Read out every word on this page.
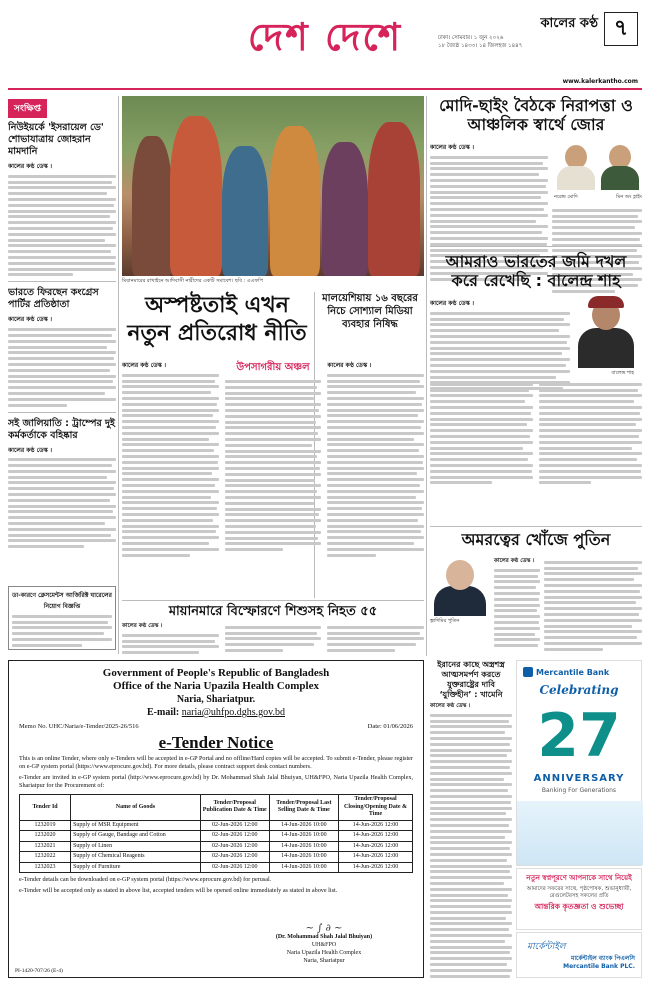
দেশ দেশে	কালের কণ্ঠ ৭
ঢাকা। সোমবার। ১ জুন ২০২৬
১৮ জ্যৈষ্ঠ ১৪৩৩। ১৪ জিলহজ ১৪৪৭
www.kalerkantho.com
সংক্ষিপ্ত
নিউইয়র্কে 'ইসরায়েল ডে' শোভাযাত্রায় জোহরান মামদানি
কালের কণ্ঠ ডেস্ক ।
ভারতে ফিরছেন কংগ্রেস পার্টির প্রতিষ্ঠাতা
কালের কণ্ঠ ডেস্ক ।
সই জালিয়াতি : ট্রাম্পের দুই কর্মকর্তাকে বহিষ্কার
কালের কণ্ঠ ডেস্ক ।
মিয়ানমারের রাখাইনে আদিবাসী নারীদের একটি সমাবেশ। ছবি : এএফপি
মোদি-ছাইং বৈঠকে নিরাপত্তা ও আঞ্চলিক স্বার্থে জোর
কালের কণ্ঠ ডেস্ক ।
নরেন্দ্র মোদি	মিন অং হ্লাইং
আমরাও ভারতের জমি দখল করে রেখেছি : বালেন্দ্র শাহ
বালেন্দ্র শাহ
কালের কণ্ঠ ডেস্ক ।
অমরত্বের খোঁজে পুতিন
ভ্লাদিমির পুতিন
কালের কণ্ঠ ডেস্ক ।
অস্পষ্টতাই এখন নতুন প্রতিরোধ নীতি
মালয়েশিয়ায় ১৬ বছরের নিচে সোশ্যাল মিডিয়া ব্যবহার নিষিদ্ধ
কালের কণ্ঠ ডেস্ক ।	উপসাগরীয় অঞ্চল	কালের কণ্ঠ ডেস্ক ।
মায়ানমারে বিস্ফোরণে শিশুসহ নিহত ৫৫
কালের কণ্ঠ ডেস্ক ।
ডা-কারণে ক্লেসমেন্টস আর্জিরিক্ট ঘারেলের নিয়োগ বিজ্ঞপ্তি
Government of People's Republic of Bangladesh
Office of the Naria Upazila Health Complex
Naria, Shariatpur.
E-mail: naria@uhfpo.dghs.gov.bd
Memo No. UHC/Naria/e-Tender/2025-26/516	Date: 01/06/2026
e-Tender Notice

This is an online Tender, where only e-Tenders will be accepted in e-GP Portal and no offline/Hard copies will be accepted. To submit e-Tender, please register on e-GP system portal (https://www.eprocure.gov.bd). For more details, please contract support desk contact numbers.

e-Tender are invited in e-GP system portal (http://www.eprocure.gov.bd) by Dr. Mohammad Shah Jalal Bhuiyan, UH&FPO, Naria Upazila Health Complex, Shariatpur for the Procurement of:

Tender Id	Name of Goods	Tender/Proposal Publication Date & Time	Tender/Proposal Last Selling Date & Time	Tender/Proposal Closing/Opening Date & Time
1232019	Supply of MSR Equipment	02-Jun-2026 12:00	14-Jun-2026 10:00	14-Jun-2026 12:00
1232020	Supply of Gauge, Bandage and Cotton	02-Jun-2026 12:00	14-Jun-2026 10:00	14-Jun-2026 12:00
1232021	Supply of Linen	02-Jun-2026 12:00	14-Jun-2026 10:00	14-Jun-2026 12:00
1232022	Supply of Chemical Reagents	02-Jun-2026 12:00	14-Jun-2026 10:00	14-Jun-2026 12:00
1232023	Supply of Furniture	02-Jun-2026 12:00	14-Jun-2026 10:00	14-Jun-2026 12:00

e-Tender details can be downloaded on e-GP system portal (https://www.eprocure.gov.bd) for perusal.

e-Tender will be accepted only as stated in above list, accepted tenders will be opened online immediately as stated in above list.

~ ∫ ∂ ~
(Dr. Mohammad Shah Jalal Bhuiyan)
UH&FPO
Naria Upazila Health Complex
Naria, Shariatpur
PI-1420-707/26 (E-4)
ইরানের কাছে অস্ত্রশস্ত্র আত্মসমর্পণ করতে যুক্তরাষ্ট্রের দাবি ‘যুক্তিহীন’ : খামেনি
কালের কণ্ঠ ডেস্ক ।
Mercantile Bank
Celebrating
27
ANNIVERSARY
Banking For Generations
নতুন স্বপ্নপূরণে আপনাকে সাথে নিয়েই
আমাদের সফরের সাথে, পৃষ্ঠপোষক, শুভানুধ্যায়ী, রেগুলেটরসহ সকলের প্রতি
আন্তরিক কৃতজ্ঞতা ও শুভেচ্ছা
মার্কেন্টাইল
মার্কেন্টাইল ব্যাংক পিএলসি
Mercantile Bank PLC.
